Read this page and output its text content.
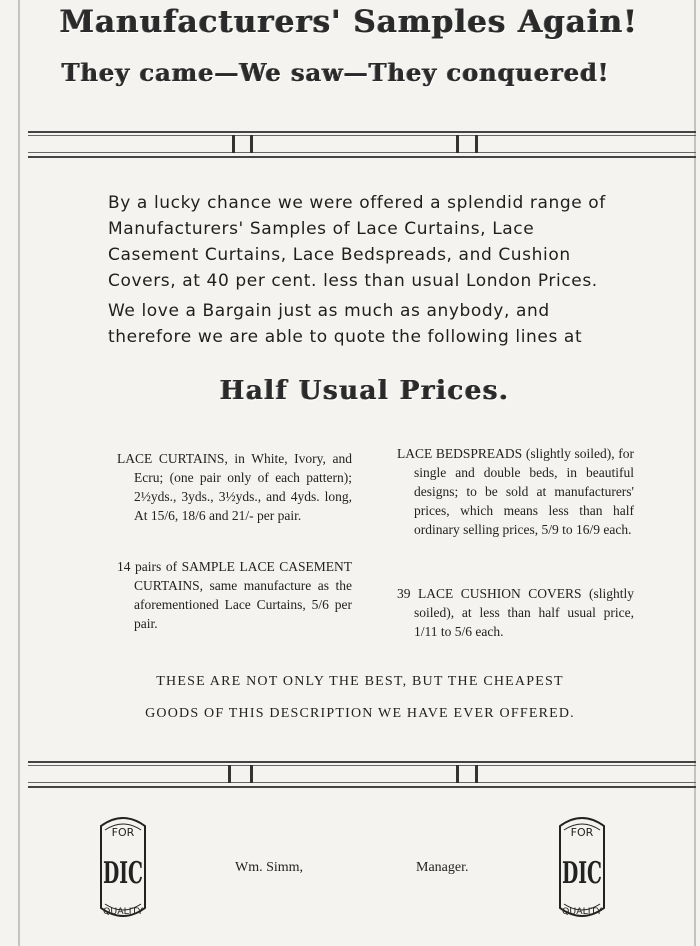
Manufacturers' Samples Again!
They came—We saw—They conquered!

By a lucky chance we were offered a splendid range of Manufacturers' Samples of Lace Curtains, Lace Casement Curtains, Lace Bedspreads, and Cushion Covers, at 40 per cent. less than usual London Prices.

We love a Bargain just as much as anybody, and therefore we are able to quote the following lines at

Half Usual Prices.
LACE CURTAINS, in White, Ivory, and Ecru; (one pair only of each pattern); 2½yds., 3yds., 3½yds., and 4yds. long, At 15/6, 18/6 and 21/- per pair.
14 pairs of SAMPLE LACE CASEMENT CURTAINS, same manufacture as the aforementioned Lace Curtains, 5/6 per pair.
LACE BEDSPREADS (slightly soiled), for single and double beds, in beautiful designs; to be sold at manufacturers' prices, which means less than half ordinary selling prices, 5/9 to 16/9 each.
39 LACE CUSHION COVERS (slightly soiled), at less than half usual price, 1/11 to 5/6 each.
THESE ARE NOT ONLY THE BEST, BUT THE CHEAPEST
GOODS OF THIS DESCRIPTION WE HAVE EVER OFFERED.
FOR
DIC
QUALITY
Wm. Simm,	Manager.
FOR
DIC
QUALITY
